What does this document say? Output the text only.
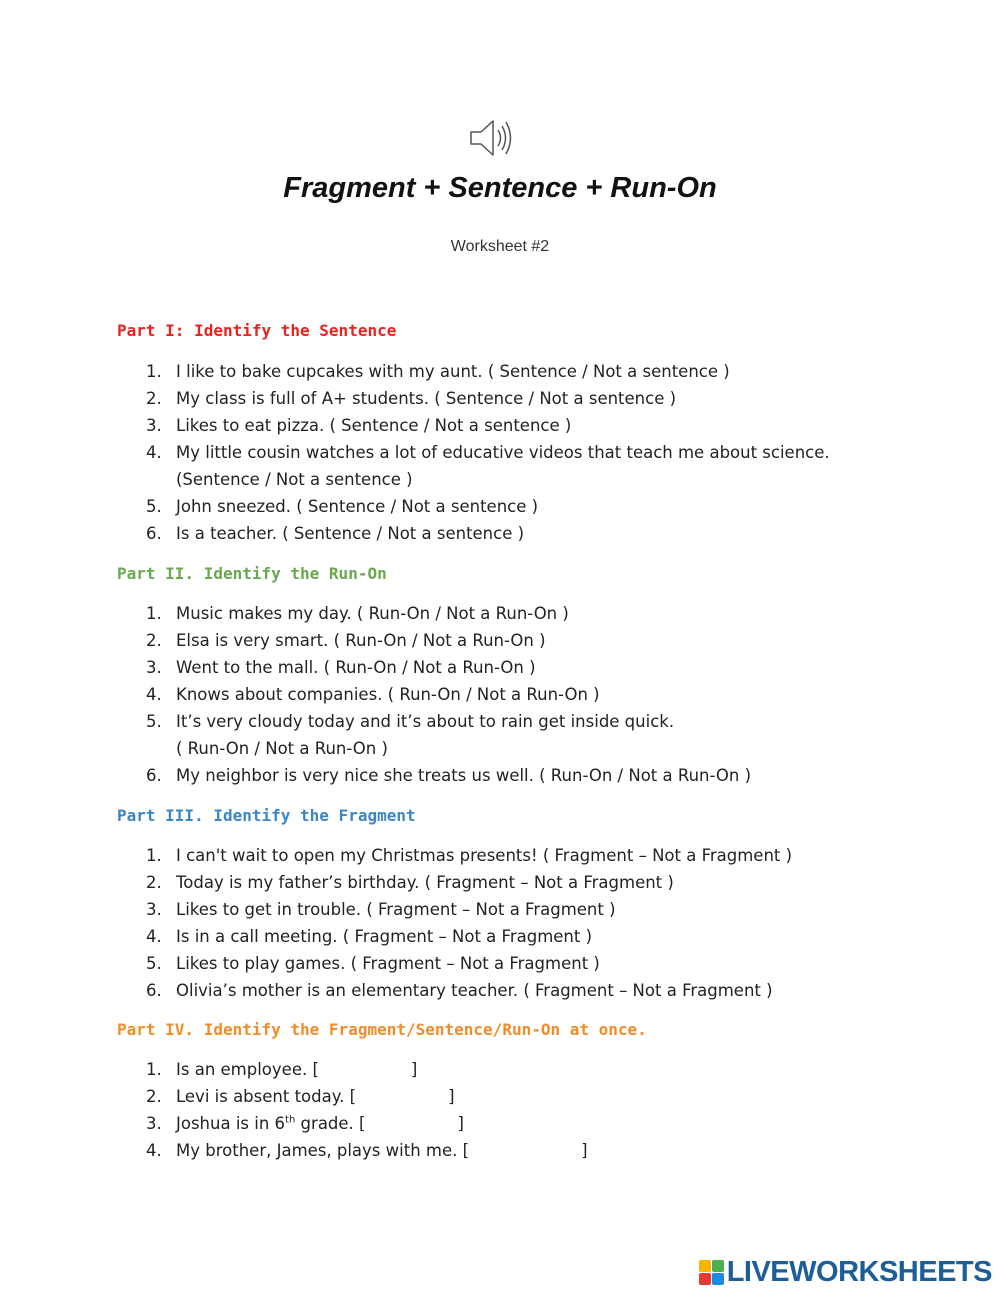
Fragment + Sentence + Run-On
Worksheet #2
Part I: Identify the Sentence
1. I like to bake cupcakes with my aunt. ( Sentence / Not a sentence )
2. My class is full of A+ students. ( Sentence / Not a sentence )
3. Likes to eat pizza. ( Sentence / Not a sentence )
4. My little cousin watches a lot of educative videos that teach me about science.
(Sentence / Not a sentence )
5. John sneezed. ( Sentence / Not a sentence )
6. Is a teacher. ( Sentence / Not a sentence )
Part II. Identify the Run-On
1. Music makes my day. ( Run-On / Not a Run-On )
2. Elsa is very smart. ( Run-On / Not a Run-On )
3. Went to the mall. ( Run-On / Not a Run-On )
4. Knows about companies. ( Run-On / Not a Run-On )
5. It’s very cloudy today and it’s about to rain get inside quick.
( Run-On / Not a Run-On )
6. My neighbor is very nice she treats us well. ( Run-On / Not a Run-On )
Part III. Identify the Fragment
1. I can't wait to open my Christmas presents! ( Fragment – Not a Fragment )
2. Today is my father’s birthday. ( Fragment – Not a Fragment )
3. Likes to get in trouble. ( Fragment – Not a Fragment )
4. Is in a call meeting. ( Fragment – Not a Fragment )
5. Likes to play games. ( Fragment – Not a Fragment )
6. Olivia’s mother is an elementary teacher. ( Fragment – Not a Fragment )
Part IV. Identify the Fragment/Sentence/Run-On at once.
1. Is an employee. [	]
2. Levi is absent today. [	]
3. Joshua is in 6th grade. [	]
4. My brother, James, plays with me. [	]
LIVEWORKSHEETS
